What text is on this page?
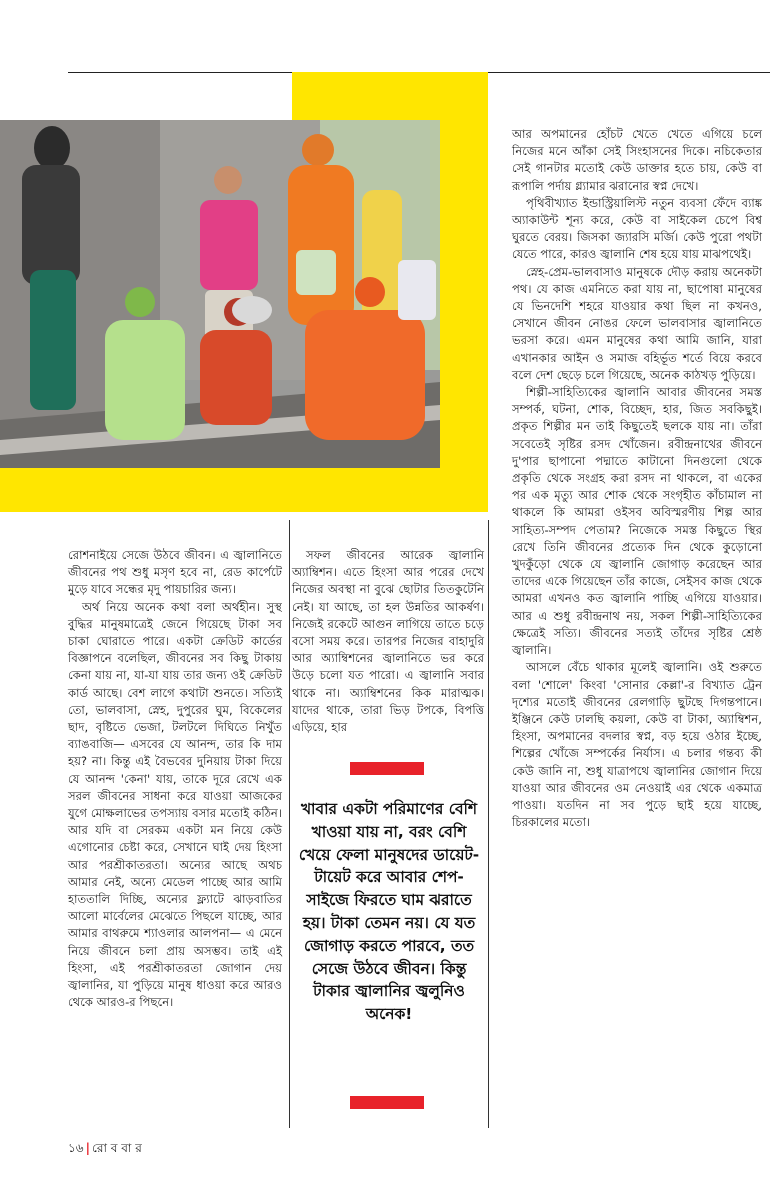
আর অপমানের হোঁচট খেতে খেতে এগিয়ে চলে নিজের মনে আঁকা সেই সিংহাসনের দিকে। নচিকেতার সেই গানটার মতোই কেউ ডাক্তার হতে চায়, কেউ বা রূপালি পর্দায় গ্ল্যামার ঝরানোর স্বপ্ন দেখে।

পৃথিবীখ্যাত ইন্ডাস্ট্রিয়ালিস্ট নতুন ব্যবসা ফেঁদে ব্যাঙ্ক অ্যাকাউন্ট শূন্য করে, কেউ বা সাইকেল চেপে বিশ্ব ঘুরতে বেরয়। জিসকা জ্যারসি মর্জি। কেউ পুরো পথটা যেতে পারে, কারও জ্বালানি শেষ হয়ে যায় মাঝপথেই।

স্নেহ-প্রেম-ভালবাসাও মানুষকে দৌড় করায় অনেকটা পথ। যে কাজ এমনিতে করা যায় না, ছাপোষা মানুষের যে ভিনদেশি শহরে যাওয়ার কথা ছিল না কখনও, সেখানে জীবন নোঙর ফেলে ভালবাসার জ্বালানিতে ভরসা করে। এমন মানুষের কথা আমি জানি, যারা এখানকার আইন ও সমাজ বহির্ভূত শর্তে বিয়ে করবে বলে দেশ ছেড়ে চলে গিয়েছে, অনেক কাঠখড় পুড়িয়ে।

শিল্পী-সাহিত্যিকের জ্বালানি আবার জীবনের সমস্ত সম্পর্ক, ঘটনা, শোক, বিচ্ছেদ, হার, জিত সবকিছুই। প্রকৃত শিল্পীর মন তাই কিছুতেই ছলকে যায় না। তাঁরা সবেতেই সৃষ্টির রসদ খোঁজেন। রবীন্দ্রনাথের জীবনে দু'পার ছাপানো পদ্মাতে কাটানো দিনগুলো থেকে প্রকৃতি থেকে সংগ্রহ করা রসদ না থাকলে, বা একের পর এক মৃত্যু আর শোক থেকে সংগৃহীত কাঁচামাল না থাকলে কি আমরা ওইসব অবিস্মরণীয় শিল্প আর সাহিত্য-সম্পদ পেতাম? নিজেকে সমস্ত কিছুতে স্থির রেখে তিনি জীবনের প্রত্যেক দিন থেকে কুড়োনো খুদকুঁড়ো থেকে যে জ্বালানি জোগাড় করেছেন আর তাদের একে গিয়েছেন তাঁর কাজে, সেইসব কাজ থেকে আমরা এখনও কত জ্বালানি পাচ্ছি এগিয়ে যাওয়ার। আর এ শুধু রবীন্দ্রনাথ নয়, সকল শিল্পী-সাহিত্যিকের ক্ষেত্রেই সত্যি। জীবনের সত্যই তাঁদের সৃষ্টির শ্রেষ্ঠ জ্বালানি।

আসলে বেঁচে থাকার মূলেই জ্বালানি। ওই শুরুতে বলা 'শোলে' কিংবা 'সোনার কেল্লা'-র বিখ্যাত ট্রেন দৃশ্যের মতোই জীবনের রেলগাড়ি ছুটছে দিগন্তপানে। ইঞ্জিনে কেউ ঢালছি কয়লা, কেউ বা টাকা, অ্যাম্বিশন, হিংসা, অপমানের বদলার স্বপ্ন, বড় হয়ে ওঠার ইচ্ছে, শিল্পের খোঁজে সম্পর্কের নির্যাস। এ চলার গন্তব্য কী কেউ জানি না, শুধু যাত্রাপথে জ্বালানির জোগান দিয়ে যাওয়া আর জীবনের ওম নেওয়াই এর থেকে একমাত্র পাওয়া। যতদিন না সব পুড়ে ছাই হয়ে যাচ্ছে, চিরকালের মতো।

রোশনাইয়ে সেজে উঠবে জীবন। এ জ্বালানিতে জীবনের পথ শুধু মসৃণ হবে না, রেড কার্পেটে মুড়ে যাবে সন্ধের মৃদু পায়চারির জন্য।

অর্থ নিয়ে অনেক কথা বলা অর্থহীন। সুস্থ বুদ্ধির মানুষমাত্রেই জেনে গিয়েছে টাকা সব চাকা ঘোরাতে পারে। একটা ক্রেডিট কার্ডের বিজ্ঞাপনে বলেছিল, জীবনের সব কিছু টাকায় কেনা যায় না, যা-যা যায় তার জন্য ওই ক্রেডিট কার্ড আছে। বেশ লাগে কথাটা শুনতে। সত্যিই তো, ভালবাসা, স্নেহ, দুপুরের ঘুম, বিকেলের ছাদ, বৃষ্টিতে ভেজা, টলটলে দিঘিতে নিখুঁত ব্যাঙবাজি— এসবের যে আনন্দ, তার কি দাম হয়? না। কিন্তু এই বৈভবের দুনিয়ায় টাকা দিয়ে যে আনন্দ 'কেনা' যায়, তাকে দূরে রেখে এক সরল জীবনের সাধনা করে যাওয়া আজকের যুগে মোক্ষলাভের তপস্যায় বসার মতোই কঠিন। আর যদি বা সেরকম একটা মন নিয়ে কেউ এগোনোর চেষ্টা করে, সেখানে ঘাই দেয় হিংসা আর পরশ্রীকাতরতা। অন্যের আছে অথচ আমার নেই, অন্যে মেডেল পাচ্ছে আর আমি হাততালি দিচ্ছি, অন্যের ফ্ল্যাটে ঝাড়বাতির আলো মার্বেলের মেঝেতে পিছলে যাচ্ছে, আর আমার বাথরুমে শ্যাওলার আলপনা— এ মেনে নিয়ে জীবনে চলা প্রায় অসম্ভব। তাই এই হিংসা, এই পরশ্রীকাতরতা জোগান দেয় জ্বালানির, যা পুড়িয়ে মানুষ ধাওয়া করে আরও থেকে আরও-র পিছনে।

সফল জীবনের আরেক জ্বালানি অ্যাম্বিশন। এতে হিংসা আর পরের দেখে নিজের অবস্থা না বুঝে ছোটার তিতকুটেনি নেই। যা আছে, তা হল উন্নতির আকর্ষণ। নিজেই রকেটে আগুন লাগিয়ে তাতে চড়ে বসো সময় করে। তারপর নিজের বাহাদুরি আর অ্যাম্বিশনের জ্বালানিতে ভর করে উড়ে চলো যত পারো। এ জ্বালানি সবার থাকে না। অ্যাম্বিশনের কিক মারাত্মক। যাদের থাকে, তারা ভিড় টপকে, বিপত্তি এড়িয়ে, হার

খাবার একটা পরিমাণের বেশি খাওয়া যায় না, বরং বেশি খেয়ে ফেলা মানুষদের ডায়েট-টায়েট করে আবার শেপ-সাইজে ফিরতে ঘাম ঝরাতে হয়। টাকা তেমন নয়। যে যত জোগাড় করতে পারবে, তত সেজে উঠবে জীবন। কিন্তু টাকার জ্বালানির জ্বলুনিও অনেক!
১৬ | রো ব বা র
